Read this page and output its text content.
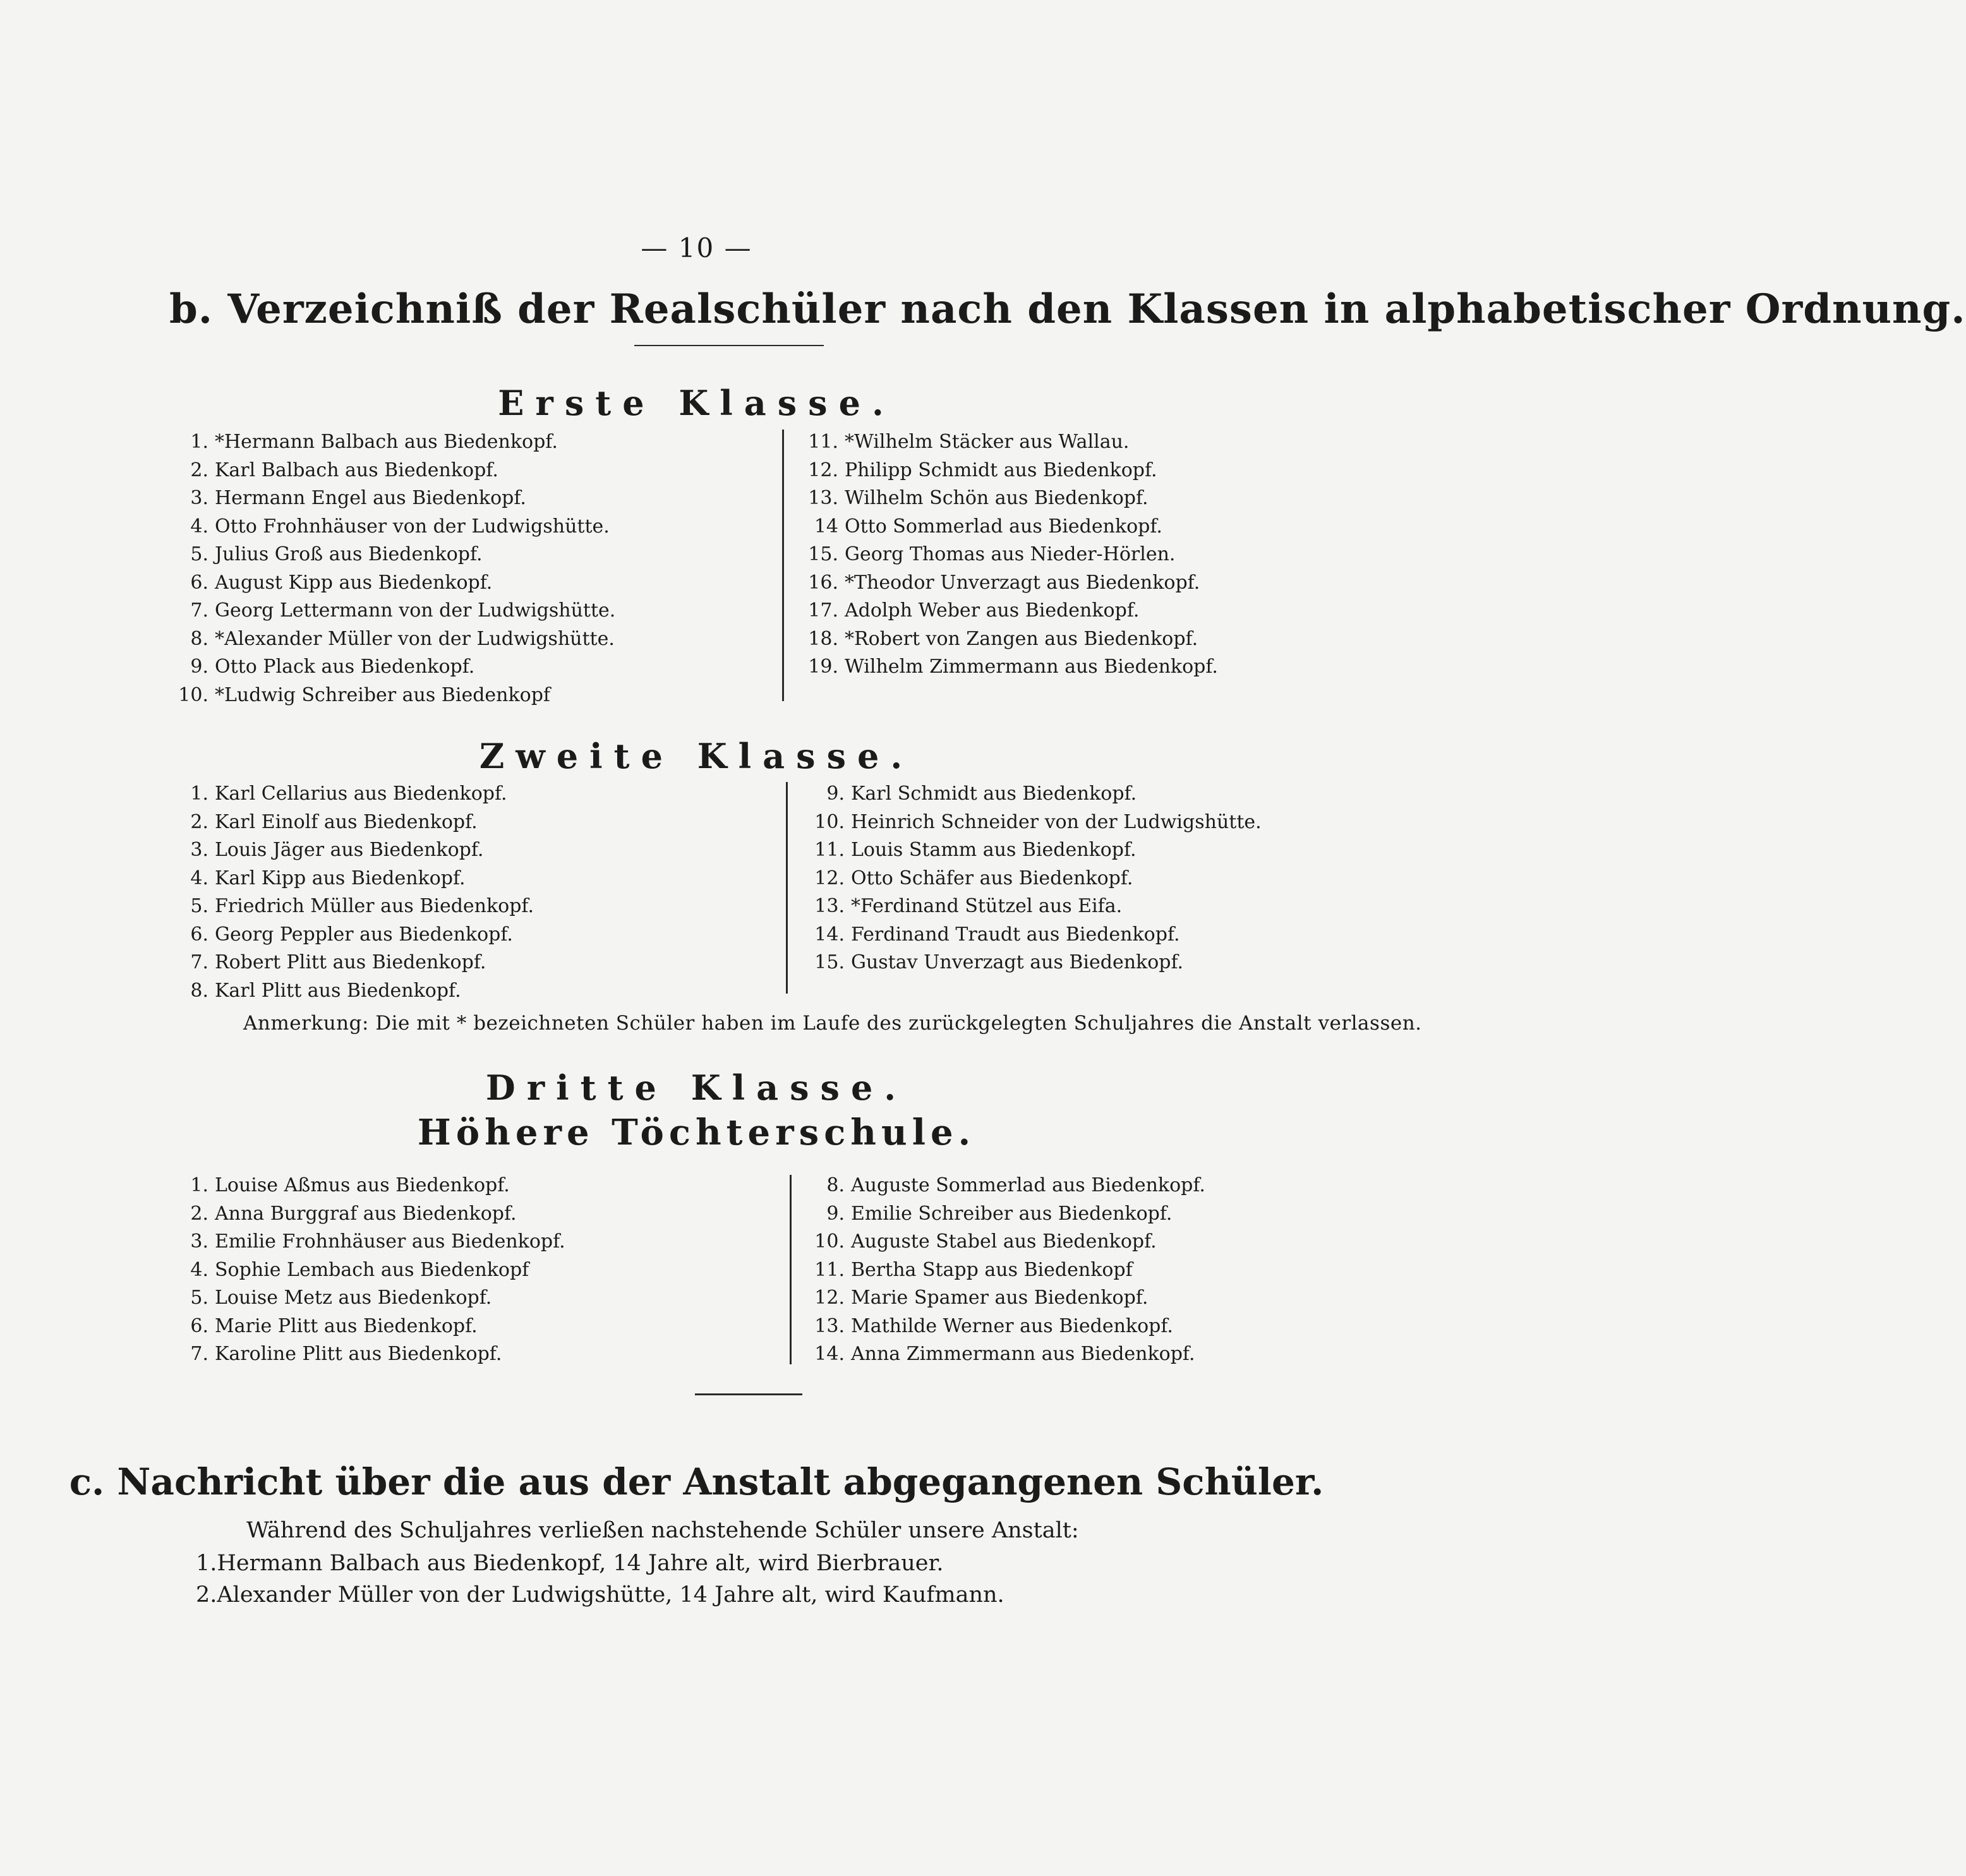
— 10 —
b. Verzeichniß der Realschüler nach den Klassen in alphabetischer Ordnung.
Erste Klasse.
1. *Hermann Balbach aus Biedenkopf.
2. Karl Balbach aus Biedenkopf.
3. Hermann Engel aus Biedenkopf.
4. Otto Frohnhäuser von der Ludwigshütte.
5. Julius Groß aus Biedenkopf.
6. August Kipp aus Biedenkopf.
7. Georg Lettermann von der Ludwigshütte.
8. *Alexander Müller von der Ludwigshütte.
9. Otto Plack aus Biedenkopf.
10. *Ludwig Schreiber aus Biedenkopf
11. *Wilhelm Stäcker aus Wallau.
12. Philipp Schmidt aus Biedenkopf.
13. Wilhelm Schön aus Biedenkopf.
14 Otto Sommerlad aus Biedenkopf.
15. Georg Thomas aus Nieder-Hörlen.
16. *Theodor Unverzagt aus Biedenkopf.
17. Adolph Weber aus Biedenkopf.
18. *Robert von Zangen aus Biedenkopf.
19. Wilhelm Zimmermann aus Biedenkopf.
Zweite Klasse.
1. Karl Cellarius aus Biedenkopf.
2. Karl Einolf aus Biedenkopf.
3. Louis Jäger aus Biedenkopf.
4. Karl Kipp aus Biedenkopf.
5. Friedrich Müller aus Biedenkopf.
6. Georg Peppler aus Biedenkopf.
7. Robert Plitt aus Biedenkopf.
8. Karl Plitt aus Biedenkopf.
9. Karl Schmidt aus Biedenkopf.
10. Heinrich Schneider von der Ludwigshütte.
11. Louis Stamm aus Biedenkopf.
12. Otto Schäfer aus Biedenkopf.
13. *Ferdinand Stützel aus Eifa.
14. Ferdinand Traudt aus Biedenkopf.
15. Gustav Unverzagt aus Biedenkopf.
Anmerkung: Die mit * bezeichneten Schüler haben im Laufe des zurückgelegten Schuljahres die Anstalt verlassen.
Dritte Klasse.
Höhere Töchterschule.
1. Louise Aßmus aus Biedenkopf.
2. Anna Burggraf aus Biedenkopf.
3. Emilie Frohnhäuser aus Biedenkopf.
4. Sophie Lembach aus Biedenkopf
5. Louise Metz aus Biedenkopf.
6. Marie Plitt aus Biedenkopf.
7. Karoline Plitt aus Biedenkopf.
8. Auguste Sommerlad aus Biedenkopf.
9. Emilie Schreiber aus Biedenkopf.
10. Auguste Stabel aus Biedenkopf.
11. Bertha Stapp aus Biedenkopf
12. Marie Spamer aus Biedenkopf.
13. Mathilde Werner aus Biedenkopf.
14. Anna Zimmermann aus Biedenkopf.
c. Nachricht über die aus der Anstalt abgegangenen Schüler.
Während des Schuljahres verließen nachstehende Schüler unsere Anstalt:
1.Hermann Balbach aus Biedenkopf, 14 Jahre alt, wird Bierbrauer.
2.Alexander Müller von der Ludwigshütte, 14 Jahre alt, wird Kaufmann.
